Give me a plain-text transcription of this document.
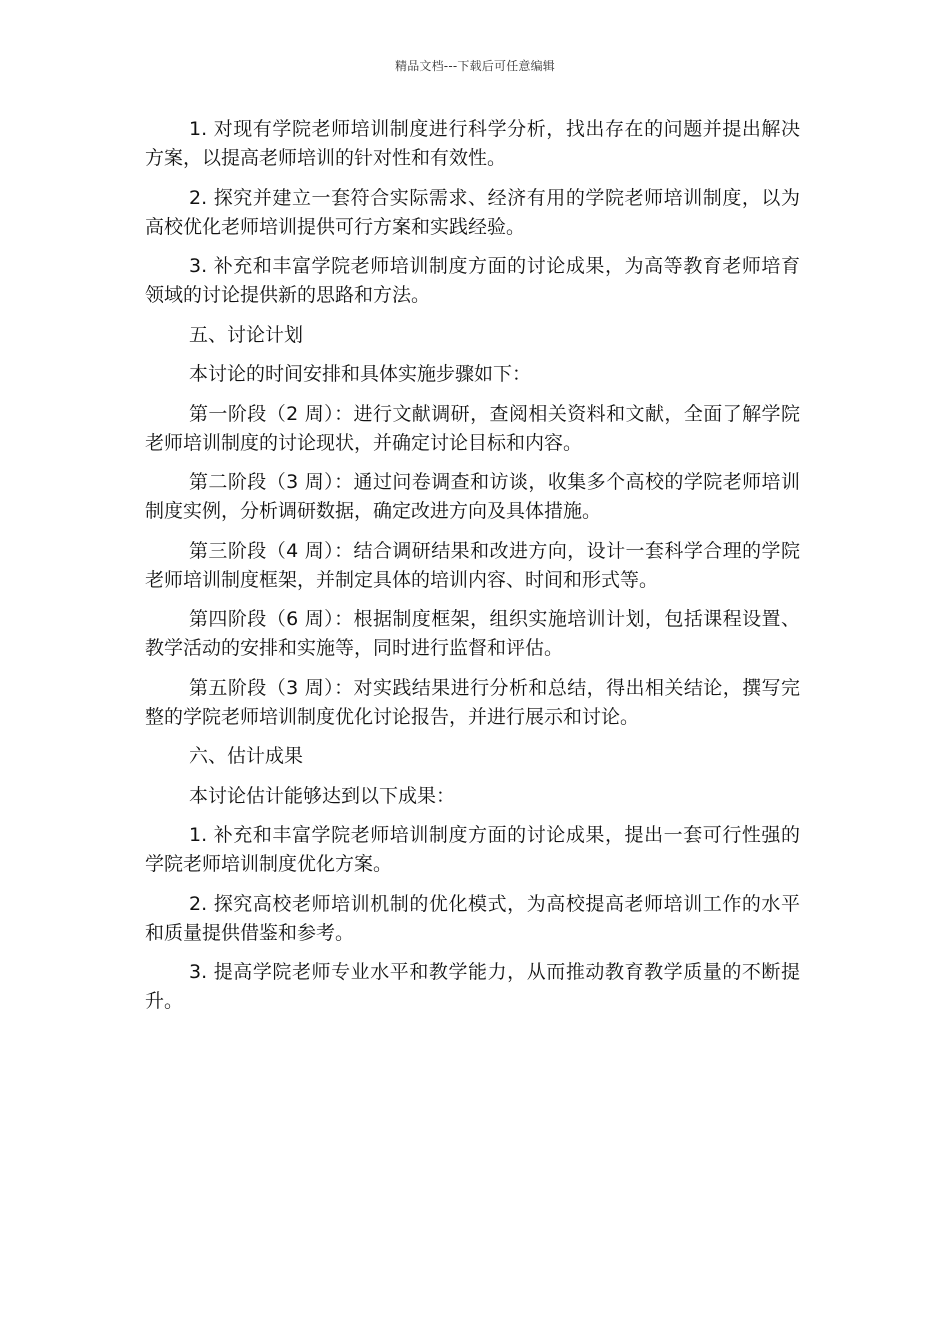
精品文档---下载后可任意编辑

1. 对现有学院老师培训制度进行科学分析，找出存在的问题并提出解决方案，以提高老师培训的针对性和有效性。

2. 探究并建立一套符合实际需求、经济有用的学院老师培训制度，以为高校优化老师培训提供可行方案和实践经验。

3. 补充和丰富学院老师培训制度方面的讨论成果，为高等教育老师培育领域的讨论提供新的思路和方法。

五、讨论计划

本讨论的时间安排和具体实施步骤如下：

第一阶段（2 周）：进行文献调研，查阅相关资料和文献，全面了解学院老师培训制度的讨论现状，并确定讨论目标和内容。

第二阶段（3 周）：通过问卷调查和访谈，收集多个高校的学院老师培训制度实例，分析调研数据，确定改进方向及具体措施。

第三阶段（4 周）：结合调研结果和改进方向，设计一套科学合理的学院老师培训制度框架，并制定具体的培训内容、时间和形式等。

第四阶段（6 周）：根据制度框架，组织实施培训计划，包括课程设置、教学活动的安排和实施等，同时进行监督和评估。

第五阶段（3 周）：对实践结果进行分析和总结，得出相关结论，撰写完整的学院老师培训制度优化讨论报告，并进行展示和讨论。

六、估计成果

本讨论估计能够达到以下成果：

1. 补充和丰富学院老师培训制度方面的讨论成果，提出一套可行性强的学院老师培训制度优化方案。

2. 探究高校老师培训机制的优化模式，为高校提高老师培训工作的水平和质量提供借鉴和参考。

3. 提高学院老师专业水平和教学能力，从而推动教育教学质量的不断提升。
